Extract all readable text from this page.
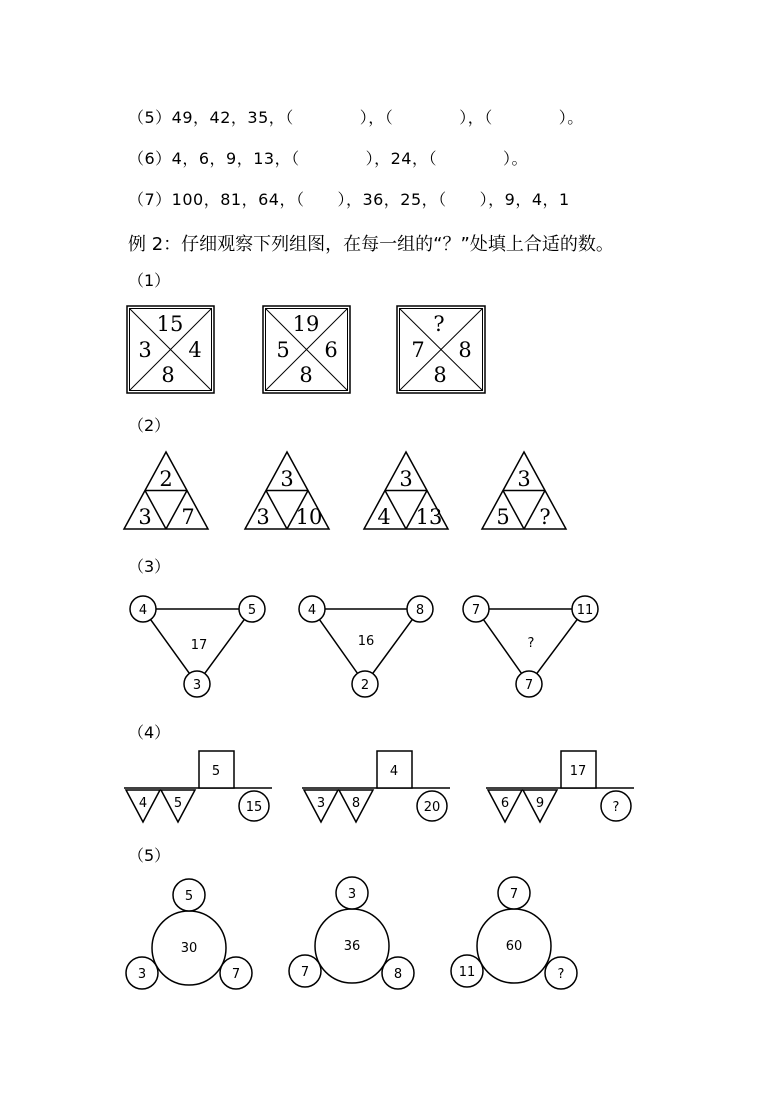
（5）49，42，35，（　　　　），（　　　　），（　　　　）。
（6）4，6，9，13，（　　　　），24，（　　　　）。
（7）100，81，64，（　　），36，25，（　　），9，4，1
例 2：仔细观察下列组图，在每一组的“？”处填上合适的数。
（1）
（2）
（3）
（4）
（5）
15
3 4
8
19
5 6
8
?
7 8
8
2
3 7
3
3 10
3
4 13
3
5 ?
4	5
3
17
4	8
2
16
7	11
7
?
5
4 5	15
4
3 8	20
17
6 9	?
30
5
3	7
36
3
7	8
60
7
11	?
